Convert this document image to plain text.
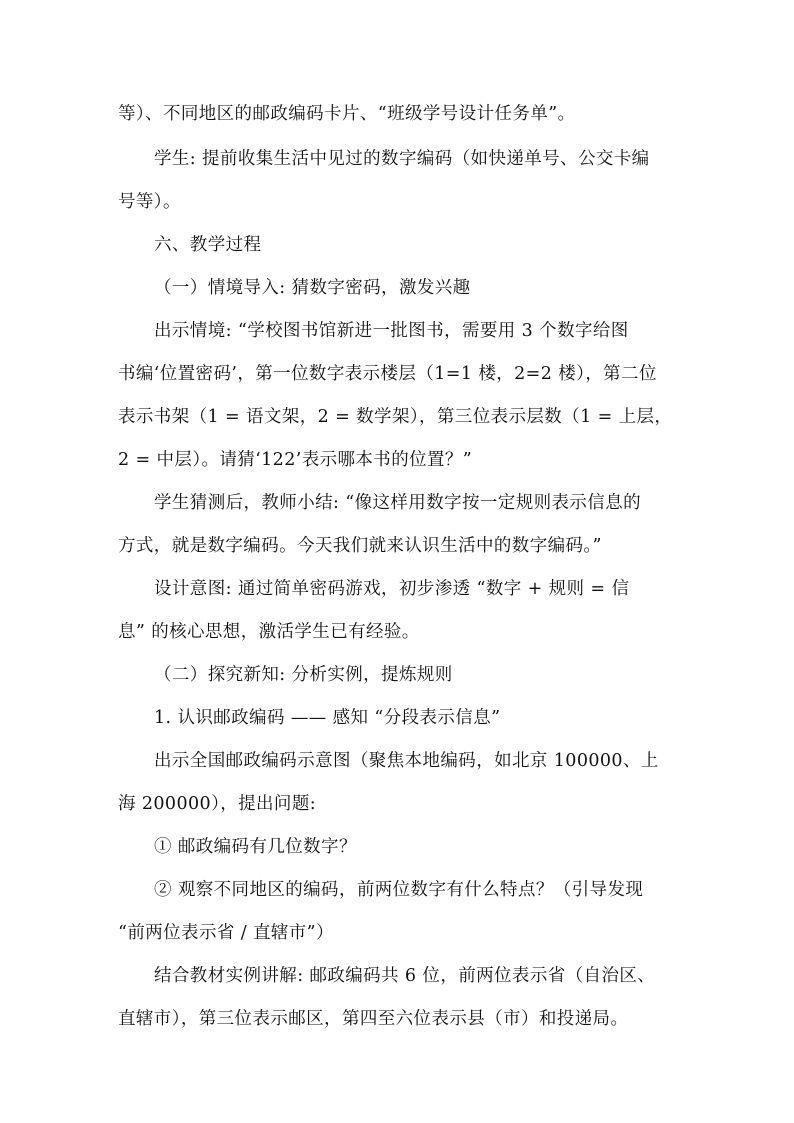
等）、不同地区的邮政编码卡片、“班级学号设计任务单”。
学生: 提前收集生活中见过的数字编码（如快递单号、公交卡编
号等）。
六、教学过程
（一）情境导入: 猜数字密码，激发兴趣
出示情境: “学校图书馆新进一批图书，需要用 3 个数字给图
书编‘位置密码’，第一位数字表示楼层（1=1 楼，2=2 楼），第二位
表示书架（1 = 语文架，2 = 数学架），第三位表示层数（1 = 上层，
2 = 中层）。请猜‘122’表示哪本书的位置？”
学生猜测后，教师小结: “像这样用数字按一定规则表示信息的
方式，就是数字编码。今天我们就来认识生活中的数字编码。”
设计意图: 通过简单密码游戏，初步渗透 “数字 + 规则 = 信
息” 的核心思想，激活学生已有经验。
（二）探究新知: 分析实例，提炼规则
1. 认识邮政编码 —— 感知 “分段表示信息”
出示全国邮政编码示意图（聚焦本地编码，如北京 100000、上
海 200000），提出问题:
① 邮政编码有几位数字？
② 观察不同地区的编码，前两位数字有什么特点？（引导发现
“前两位表示省 / 直辖市”）
结合教材实例讲解: 邮政编码共 6 位，前两位表示省（自治区、
直辖市），第三位表示邮区，第四至六位表示县（市）和投递局。
